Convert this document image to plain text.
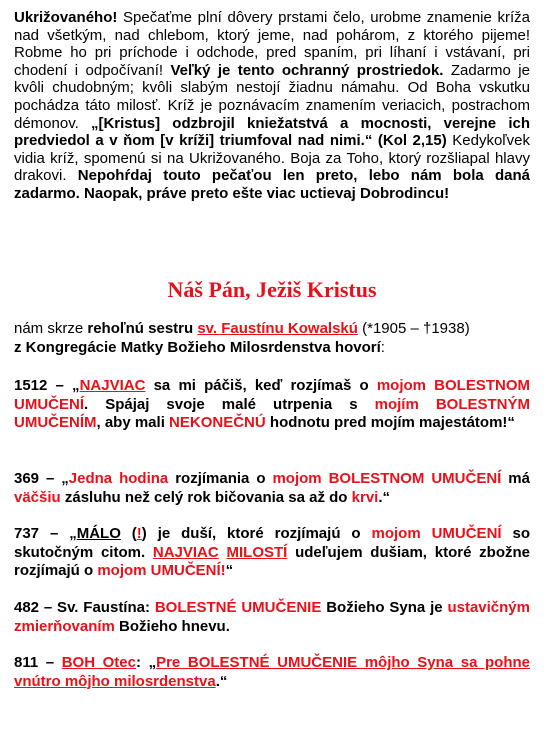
Ukrižovaného! Spečaťme plní dôvery prstami čelo, urobme znamenie kríža nad všetkým, nad chlebom, ktorý jeme, nad pohárom, z ktorého pijeme! Robme ho pri príchode i odchode, pred spaním, pri líhaní i vstávaní, pri chodení i odpočívaní! Veľký je tento ochranný prostriedok. Zadarmo je kvôli chudobným; kvôli slabým nestojí žiadnu námahu. Od Boha vskutku pochádza táto milosť. Kríž je poznávacím znamením veriacich, postrachom démonov. „[Kristus] odzbrojil kniežatstvá a mocnosti, verejne ich predviedol a v ňom [v kríži] triumfoval nad nimi.“ (Kol 2,15) Kedykoľvek vidia kríž, spomenú si na Ukrižovaného. Boja za Toho, ktorý rozšliapal hlavy drakovi. Nepohŕdaj touto pečaťou len preto, lebo nám bola daná zadarmo. Naopak, práve preto ešte viac uctievaj Dobrodincu!

Náš Pán, Ježiš Kristus

nám skrze rehoľnú sestru sv. Faustínu Kowalskú (*1905 – †1938)
z Kongregácie Matky Božieho Milosrdenstva hovorí:

1512 – „NAJVIAC sa mi páčiš, keď rozjímaš o mojom BOLESTNOM UMUČENÍ. Spájaj svoje malé utrpenia s mojím BOLESTNÝM UMUČENÍM, aby mali NEKONEČNÚ hodnotu pred mojím majestátom!“

369 – „Jedna hodina rozjímania o mojom BOLESTNOM UMUČENÍ má väčšiu zásluhu než celý rok bičovania sa až do krvi.“

737 – „MÁLO (!) je duší, ktoré rozjímajú o mojom UMUČENÍ so skutočným citom. NAJVIAC MILOSTÍ udeľujem dušiam, ktoré zbožne rozjímajú o mojom UMUČENÍ!“

482 – Sv. Faustína: BOLESTNÉ UMUČENIE Božieho Syna je ustavičným zmierňovaním Božieho hnevu.

811 – BOH Otec: „Pre BOLESTNÉ UMUČENIE môjho Syna sa pohne vnútro môjho milosrdenstva.“
